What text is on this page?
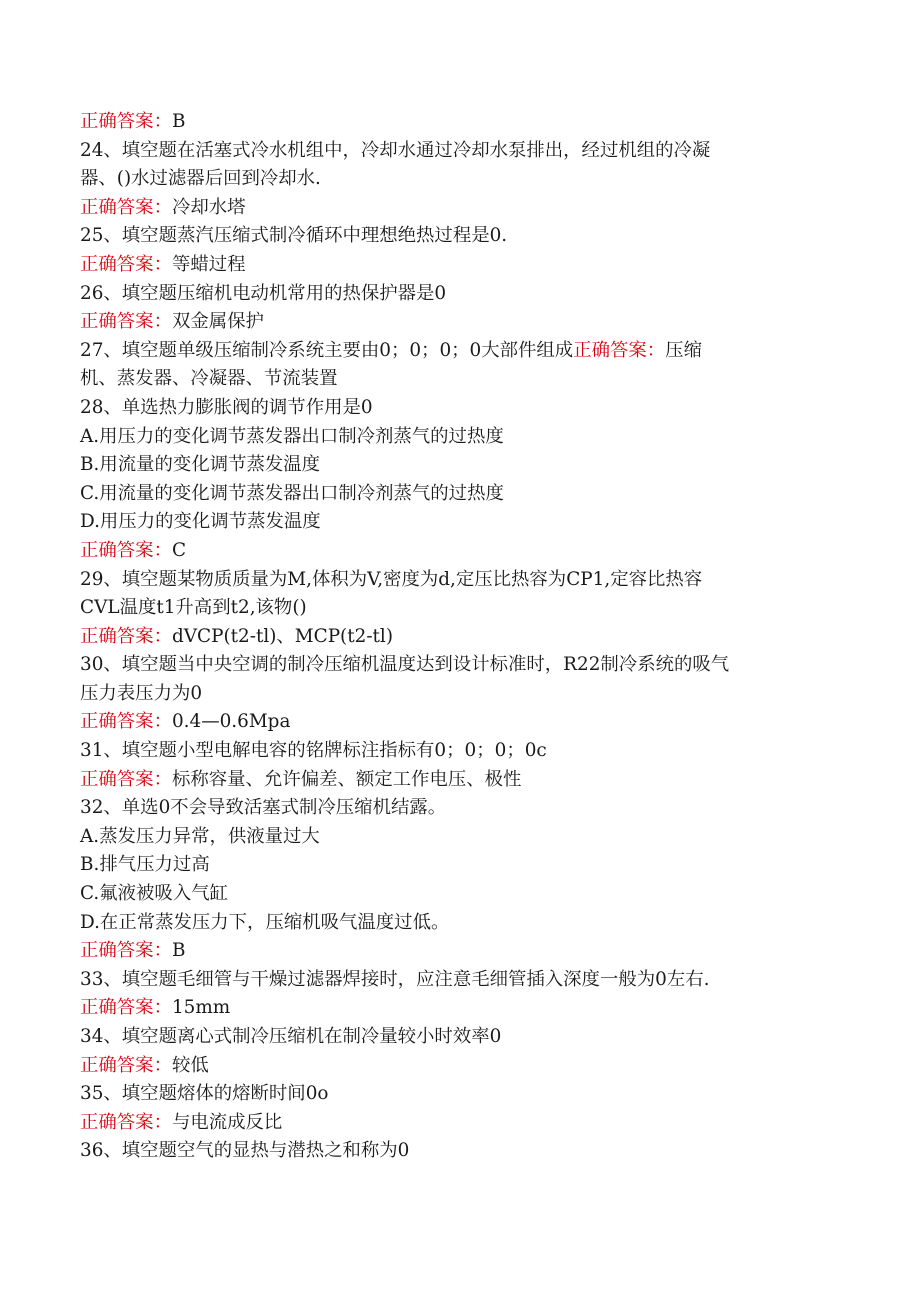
正确答案：B
24、填空题在活塞式冷水机组中，冷却水通过冷却水泵排出，经过机组的冷凝
器、()水过滤器后回到冷却水.
正确答案：冷却水塔
25、填空题蒸汽压缩式制冷循环中理想绝热过程是0.
正确答案：等蜡过程
26、填空题压缩机电动机常用的热保护器是0
正确答案：双金属保护
27、填空题单级压缩制冷系统主要由0；0；0；0大部件组成正确答案：压缩
机、蒸发器、冷凝器、节流装置
28、单选热力膨胀阀的调节作用是0
A.用压力的变化调节蒸发器出口制冷剂蒸气的过热度
B.用流量的变化调节蒸发温度
C.用流量的变化调节蒸发器出口制冷剂蒸气的过热度
D.用压力的变化调节蒸发温度
正确答案：C
29、填空题某物质质量为M,体积为V,密度为d,定压比热容为CP1,定容比热容
CVL温度t1升高到t2,该物()
正确答案：dVCP(t2-tl)、MCP(t2-tl)
30、填空题当中央空调的制冷压缩机温度达到设计标准时，R22制冷系统的吸气
压力表压力为0
正确答案：0.4—0.6Mpa
31、填空题小型电解电容的铭牌标注指标有0；0；0；0c
正确答案：标称容量、允许偏差、额定工作电压、极性
32、单选0不会导致活塞式制冷压缩机结露。
A.蒸发压力异常，供液量过大
B.排气压力过高
C.氟液被吸入气缸
D.在正常蒸发压力下，压缩机吸气温度过低。
正确答案：B
33、填空题毛细管与干燥过滤器焊接时，应注意毛细管插入深度一般为0左右.
正确答案：15mm
34、填空题离心式制冷压缩机在制冷量较小时效率0
正确答案：较低
35、填空题熔体的熔断时间0o
正确答案：与电流成反比
36、填空题空气的显热与潜热之和称为0
